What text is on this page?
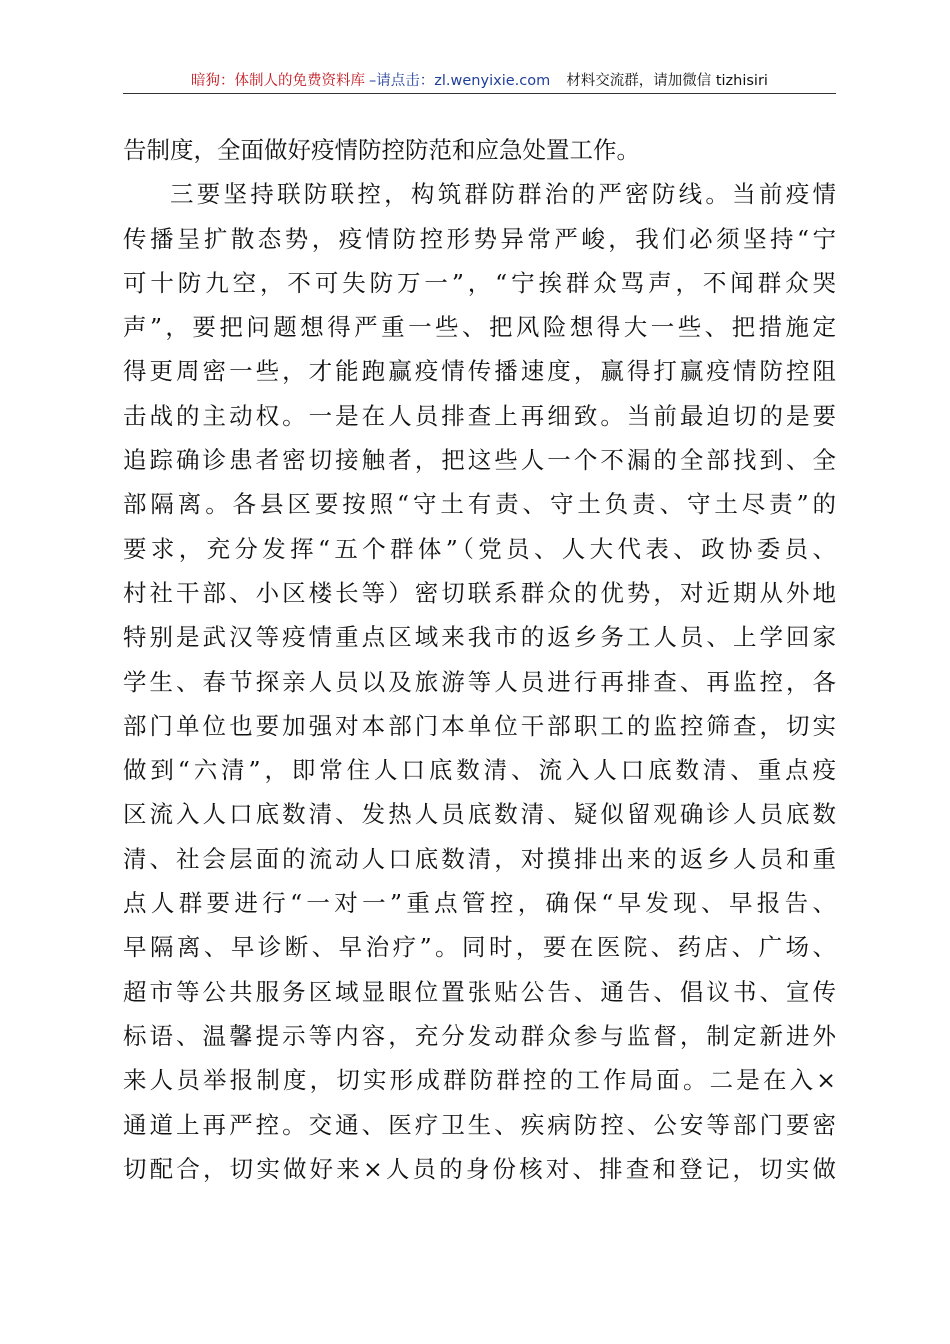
暗狗：体制人的免费资料库 –请点击：zl.wenyixie.com 材料交流群，请加微信 tizhisiri
告制度，全面做好疫情防控防范和应急处置工作。
三要坚持联防联控，构筑群防群治的严密防线。当前疫情
传播呈扩散态势，疫情防控形势异常严峻，我们必须坚持“宁
可十防九空，不可失防万一”，“宁挨群众骂声，不闻群众哭
声”，要把问题想得严重一些、把风险想得大一些、把措施定
得更周密一些，才能跑赢疫情传播速度，赢得打赢疫情防控阻
击战的主动权。一是在人员排查上再细致。当前最迫切的是要
追踪确诊患者密切接触者，把这些人一个不漏的全部找到、全
部隔离。各县区要按照“守土有责、守土负责、守土尽责”的
要求，充分发挥“五个群体”（党员、人大代表、政协委员、
村社干部、小区楼长等）密切联系群众的优势，对近期从外地
特别是武汉等疫情重点区域来我市的返乡务工人员、上学回家
学生、春节探亲人员以及旅游等人员进行再排查、再监控，各
部门单位也要加强对本部门本单位干部职工的监控筛查，切实
做到“六清”，即常住人口底数清、流入人口底数清、重点疫
区流入人口底数清、发热人员底数清、疑似留观确诊人员底数
清、社会层面的流动人口底数清，对摸排出来的返乡人员和重
点人群要进行“一对一”重点管控，确保“早发现、早报告、
早隔离、早诊断、早治疗”。同时，要在医院、药店、广场、
超市等公共服务区域显眼位置张贴公告、通告、倡议书、宣传
标语、温馨提示等内容，充分发动群众参与监督，制定新进外
来人员举报制度，切实形成群防群控的工作局面。二是在入×
通道上再严控。交通、医疗卫生、疾病防控、公安等部门要密
切配合，切实做好来×人员的身份核对、排查和登记，切实做
